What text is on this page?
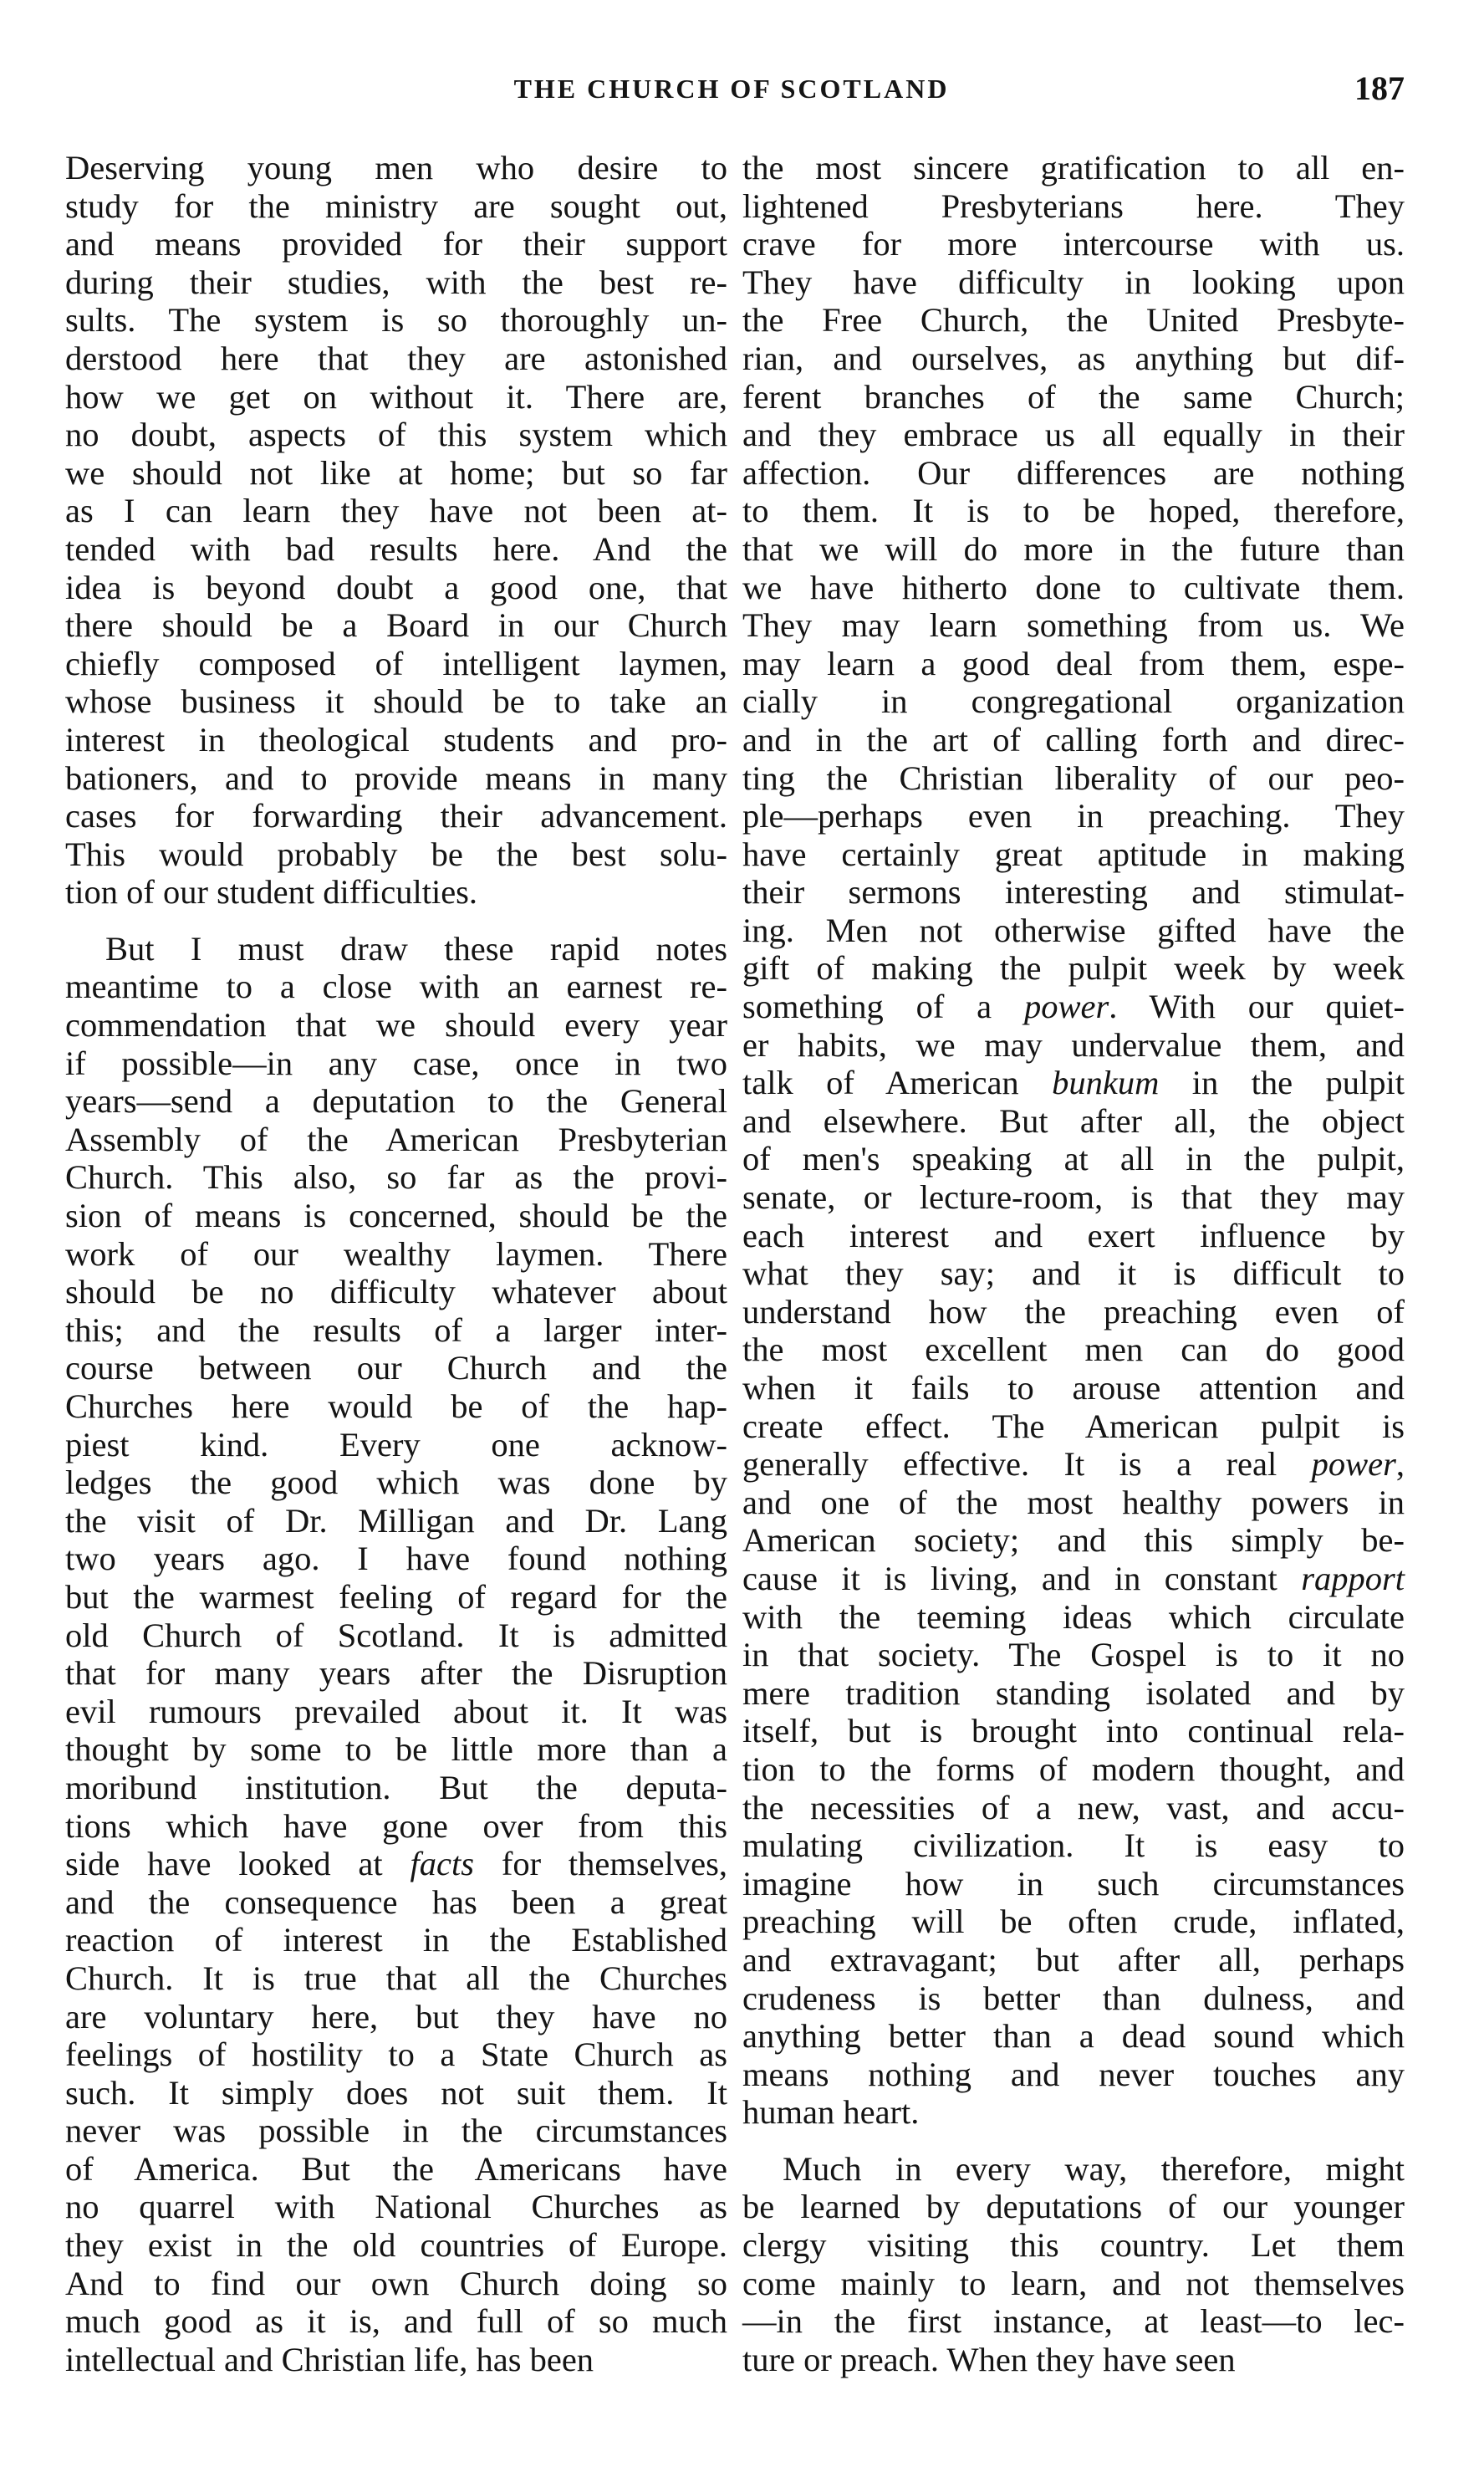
THE CHURCH OF SCOTLAND	187
Deserving young men who desire to
study for the ministry are sought out,
and means provided for their support
during their studies, with the best re-
sults. The system is so thoroughly un-
derstood here that they are astonished
how we get on without it. There are,
no doubt, aspects of this system which
we should not like at home; but so far
as I can learn they have not been at-
tended with bad results here. And the
idea is beyond doubt a good one, that
there should be a Board in our Church
chiefly composed of intelligent laymen,
whose business it should be to take an
interest in theological students and pro-
bationers, and to provide means in many
cases for forwarding their advancement.
This would probably be the best solu-
tion of our student difficulties.
But I must draw these rapid notes
meantime to a close with an earnest re-
commendation that we should every year
if possible—in any case, once in two
years—send a deputation to the General
Assembly of the American Presbyterian
Church. This also, so far as the provi-
sion of means is concerned, should be the
work of our wealthy laymen. There
should be no difficulty whatever about
this; and the results of a larger inter-
course between our Church and the
Churches here would be of the hap-
piest kind. Every one acknow-
ledges the good which was done by
the visit of Dr. Milligan and Dr. Lang
two years ago. I have found nothing
but the warmest feeling of regard for the
old Church of Scotland. It is admitted
that for many years after the Disruption
evil rumours prevailed about it. It was
thought by some to be little more than a
moribund institution. But the deputa-
tions which have gone over from this
side have looked at facts for themselves,
and the consequence has been a great
reaction of interest in the Established
Church. It is true that all the Churches
are voluntary here, but they have no
feelings of hostility to a State Church as
such. It simply does not suit them. It
never was possible in the circumstances
of America. But the Americans have
no quarrel with National Churches as
they exist in the old countries of Europe.
And to find our own Church doing so
much good as it is, and full of so much
intellectual and Christian life, has been
the most sincere gratification to all en-
lightened Presbyterians here. They
crave for more intercourse with us.
They have difficulty in looking upon
the Free Church, the United Presbyte-
rian, and ourselves, as anything but dif-
ferent branches of the same Church;
and they embrace us all equally in their
affection. Our differences are nothing
to them. It is to be hoped, therefore,
that we will do more in the future than
we have hitherto done to cultivate them.
They may learn something from us. We
may learn a good deal from them, espe-
cially in congregational organization
and in the art of calling forth and direc-
ting the Christian liberality of our peo-
ple—perhaps even in preaching. They
have certainly great aptitude in making
their sermons interesting and stimulat-
ing. Men not otherwise gifted have the
gift of making the pulpit week by week
something of a power. With our quiet-
er habits, we may undervalue them, and
talk of American bunkum in the pulpit
and elsewhere. But after all, the object
of men's speaking at all in the pulpit,
senate, or lecture-room, is that they may
each interest and exert influence by
what they say; and it is difficult to
understand how the preaching even of
the most excellent men can do good
when it fails to arouse attention and
create effect. The American pulpit is
generally effective. It is a real power,
and one of the most healthy powers in
American society; and this simply be-
cause it is living, and in constant rapport
with the teeming ideas which circulate
in that society. The Gospel is to it no
mere tradition standing isolated and by
itself, but is brought into continual rela-
tion to the forms of modern thought, and
the necessities of a new, vast, and accu-
mulating civilization. It is easy to
imagine how in such circumstances
preaching will be often crude, inflated,
and extravagant; but after all, perhaps
crudeness is better than dulness, and
anything better than a dead sound which
means nothing and never touches any
human heart.
Much in every way, therefore, might
be learned by deputations of our younger
clergy visiting this country. Let them
come mainly to learn, and not themselves
—in the first instance, at least—to lec-
ture or preach. When they have seen
